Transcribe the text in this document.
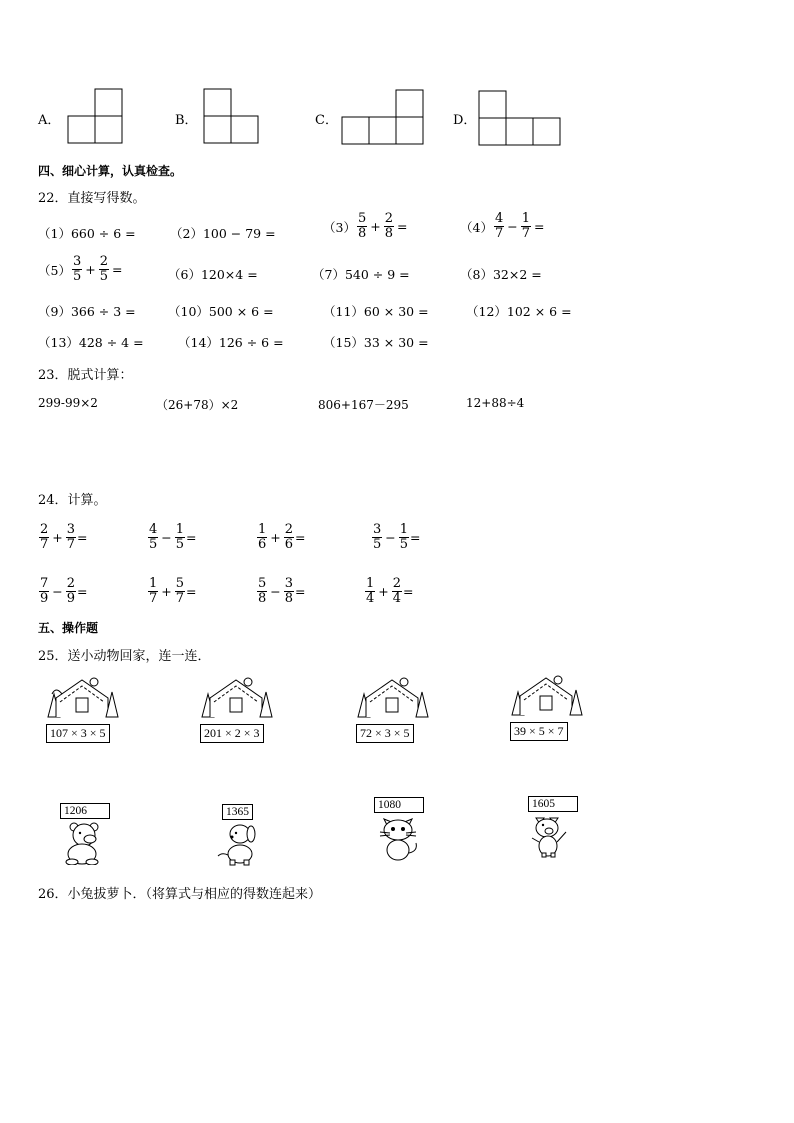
A．	B．	C．	D．
四、细心计算，认真检查。
22．直接写得数。
（1） 660 ÷ 6 =	（2） 100 − 79 =	$(3) \frac{5}{8} + \frac{2}{8}$ =	$(4) \frac{4}{7} - \frac{1}{7}$ =
$(5) \frac{3}{5} + \frac{2}{5}$ =	（6） 120×4 =	（7） 540 ÷ 9 =	（8） 32×2 =
（9） 366 ÷ 3 =	（10） 500 × 6 =	（11） 60 × 30 =	（12） 102 × 6 =
（13） 428 ÷ 4 =	（14） 126 ÷ 6 =	（15） 33 × 30 =
23．脱式计算：
299-99×2	（26+78）×2	806+167－295	12+88÷4
24．计算。
$\frac{2}{7} + \frac{3}{7}$ =	$\frac{4}{5} - \frac{1}{5}$ =	$\frac{1}{6} + \frac{2}{6}$ =	$\frac{3}{5} - \frac{1}{5}$ =
$\frac{7}{9} - \frac{2}{9}$ =	$\frac{1}{7} + \frac{5}{7}$ =	$\frac{5}{8} - \frac{3}{8}$ =	$\frac{1}{4} + \frac{2}{4}$ =
五、操作题
25．送小动物回家，连一连．
107 × 3 × 5	201 × 2 × 3	72 × 3 × 5	39 × 5 × 7
1206	1365
1080	1605
26．小兔拔萝卜．（将算式与相应的得数连起来）
